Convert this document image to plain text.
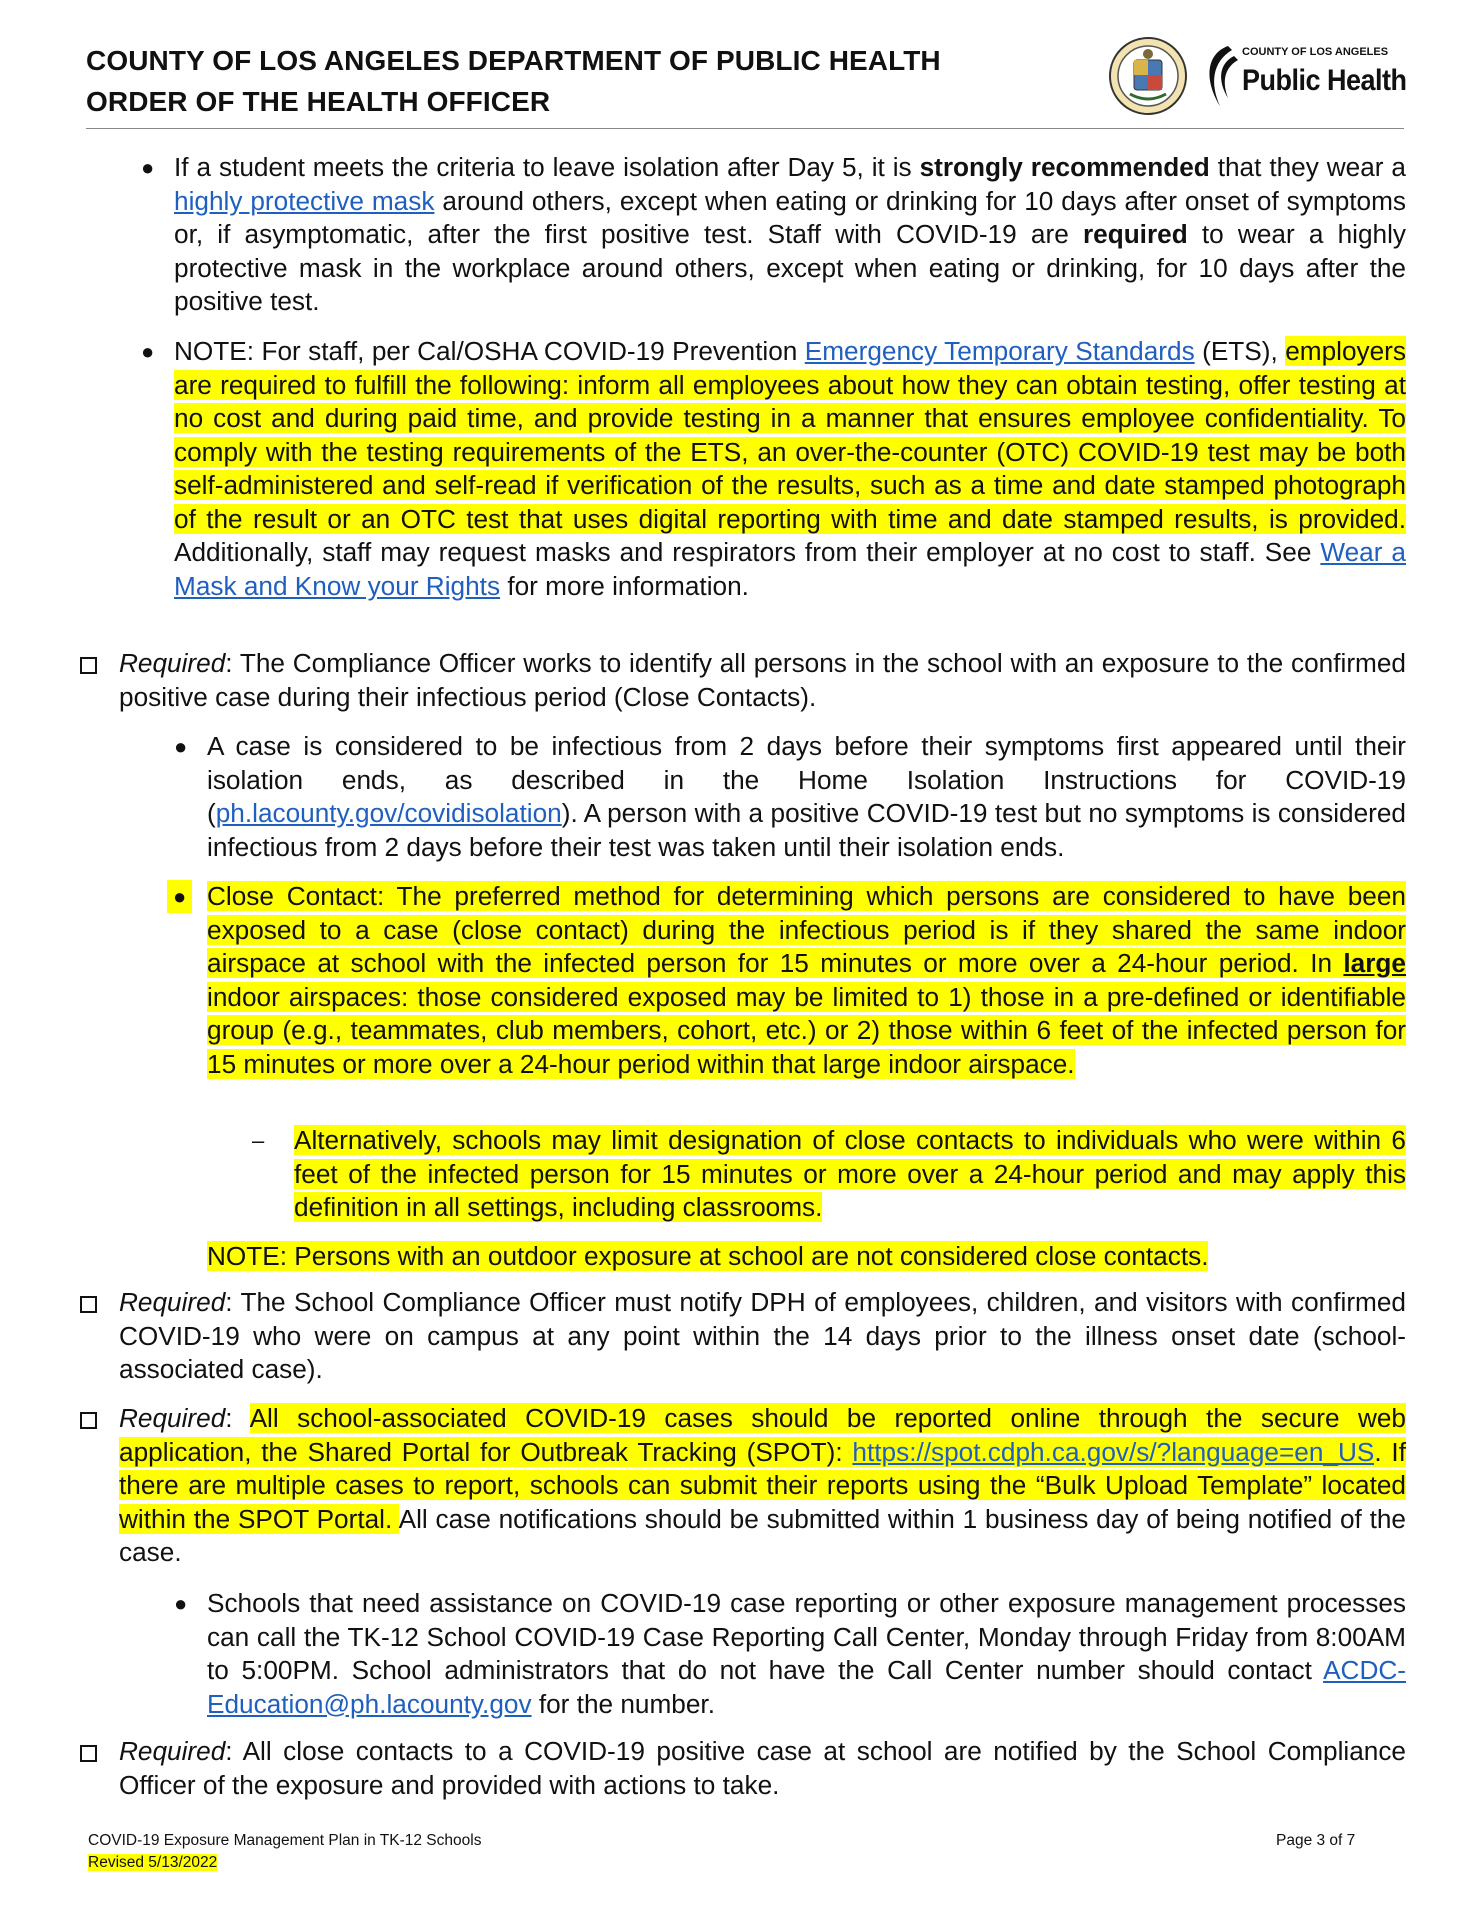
COUNTY OF LOS ANGELES DEPARTMENT OF PUBLIC HEALTH
ORDER OF THE HEALTH OFFICER
COUNTY OF LOS ANGELES
Public Health
● If a student meets the criteria to leave isolation after Day 5, it is strongly recommended that they wear a highly protective mask around others, except when eating or drinking for 10 days after onset of symptoms or, if asymptomatic, after the first positive test. Staff with COVID-19 are required to wear a highly protective mask in the workplace around others, except when eating or drinking, for 10 days after the positive test.
● NOTE: For staff, per Cal/OSHA COVID-19 Prevention Emergency Temporary Standards (ETS), employers are required to fulfill the following: inform all employees about how they can obtain testing, offer testing at no cost and during paid time, and provide testing in a manner that ensures employee confidentiality. To comply with the testing requirements of the ETS, an over-the-counter (OTC) COVID-19 test may be both self-administered and self-read if verification of the results, such as a time and date stamped photograph of the result or an OTC test that uses digital reporting with time and date stamped results, is provided. Additionally, staff may request masks and respirators from their employer at no cost to staff. See Wear a Mask and Know your Rights for more information.
Required: The Compliance Officer works to identify all persons in the school with an exposure to the confirmed positive case during their infectious period (Close Contacts).
● A case is considered to be infectious from 2 days before their symptoms first appeared until their isolation ends, as described in the Home Isolation Instructions for COVID-19 (ph.lacounty.gov/covidisolation). A person with a positive COVID-19 test but no symptoms is considered infectious from 2 days before their test was taken until their isolation ends.
● Close Contact: The preferred method for determining which persons are considered to have been exposed to a case (close contact) during the infectious period is if they shared the same indoor airspace at school with the infected person for 15 minutes or more over a 24-hour period. In large indoor airspaces: those considered exposed may be limited to 1) those in a pre-defined or identifiable group (e.g., teammates, club members, cohort, etc.) or 2) those within 6 feet of the infected person for 15 minutes or more over a 24-hour period within that large indoor airspace.
– Alternatively, schools may limit designation of close contacts to individuals who were within 6 feet of the infected person for 15 minutes or more over a 24-hour period and may apply this definition in all settings, including classrooms.
NOTE: Persons with an outdoor exposure at school are not considered close contacts.
Required: The School Compliance Officer must notify DPH of employees, children, and visitors with confirmed COVID-19 who were on campus at any point within the 14 days prior to the illness onset date (school-associated case).
Required: All school-associated COVID-19 cases should be reported online through the secure web application, the Shared Portal for Outbreak Tracking (SPOT): https://spot.cdph.ca.gov/s/?language=en_US. If there are multiple cases to report, schools can submit their reports using the “Bulk Upload Template” located within the SPOT Portal. All case notifications should be submitted within 1 business day of being notified of the case.
● Schools that need assistance on COVID-19 case reporting or other exposure management processes can call the TK-12 School COVID-19 Case Reporting Call Center, Monday through Friday from 8:00AM to 5:00PM. School administrators that do not have the Call Center number should contact ACDC-Education@ph.lacounty.gov for the number.
Required: All close contacts to a COVID-19 positive case at school are notified by the School Compliance Officer of the exposure and provided with actions to take.
COVID-19 Exposure Management Plan in TK-12 Schools
Revised 5/13/2022
Page 3 of 7
